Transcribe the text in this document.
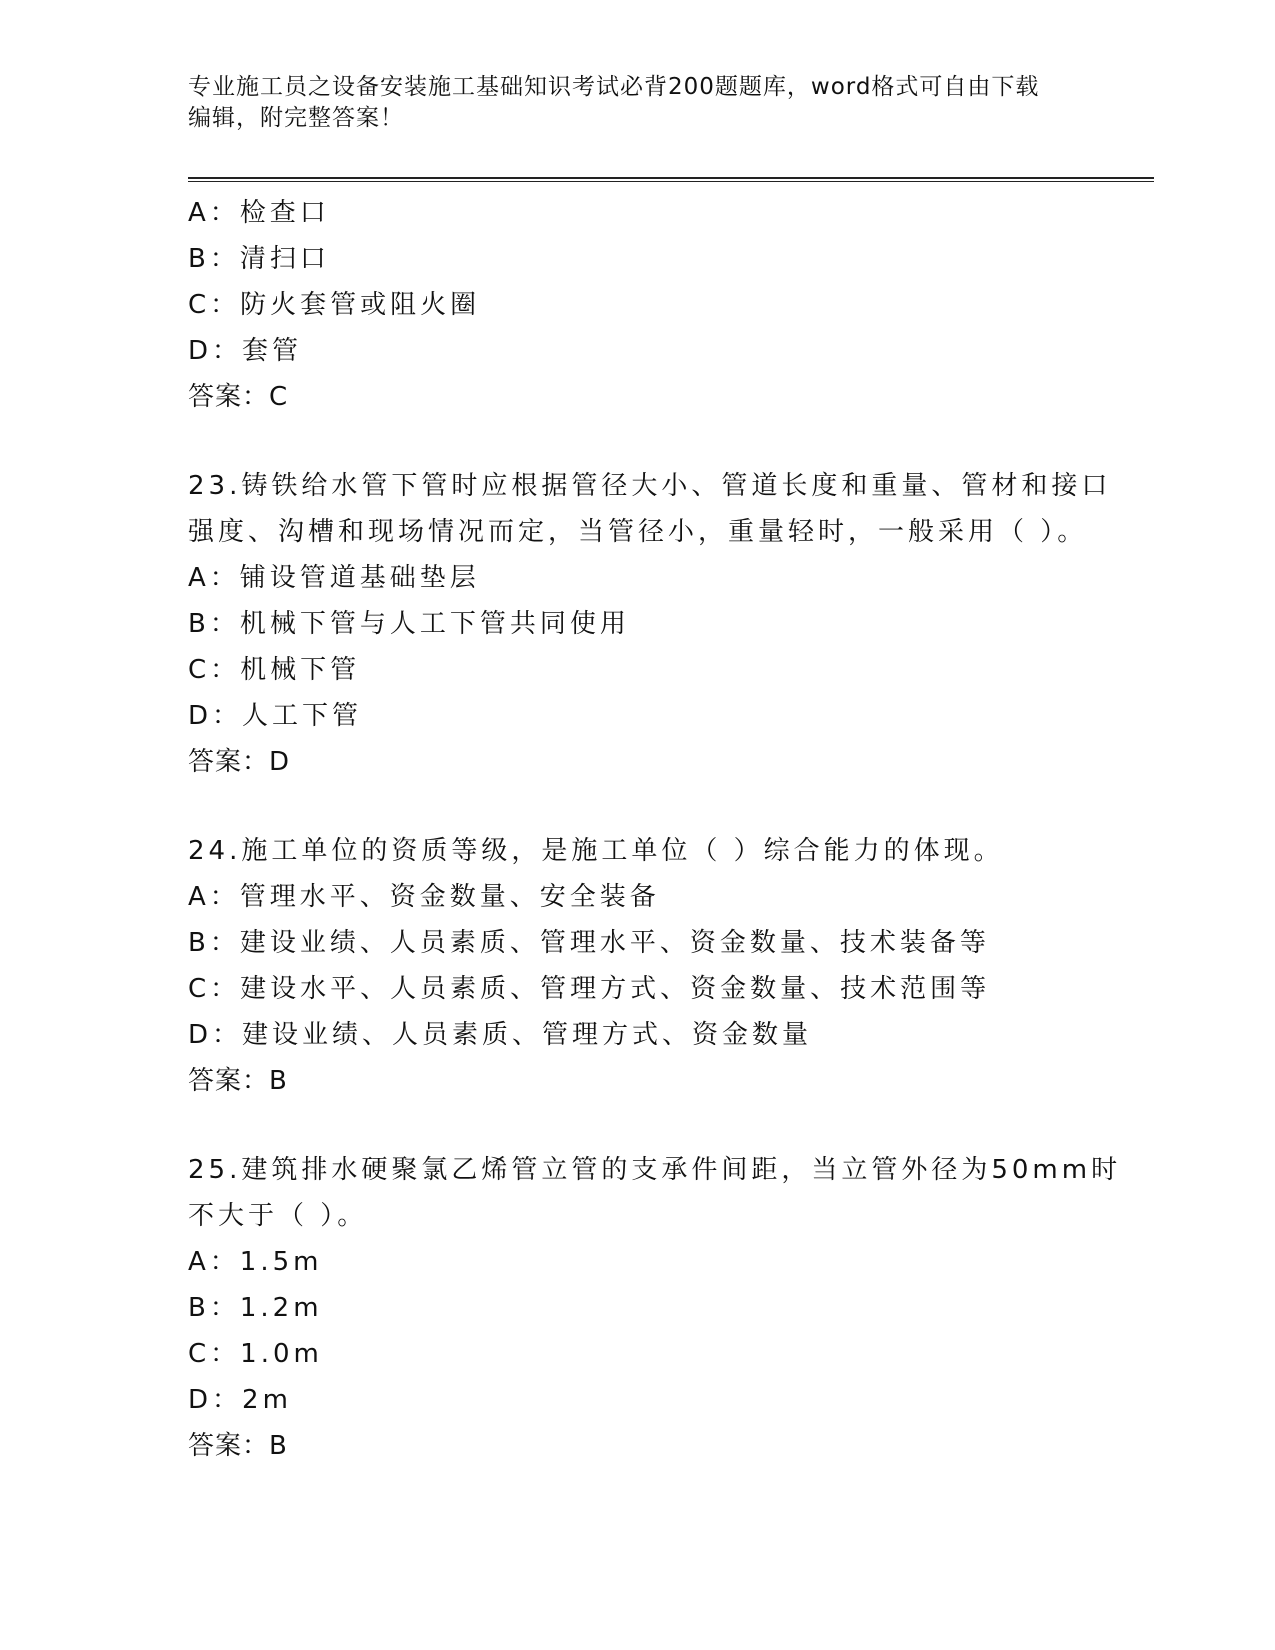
专业施工员之设备安装施工基础知识考试必背200题题库，word格式可自由下载
编辑，附完整答案！
A：检查口
B：清扫口
C：防火套管或阻火圈
D：套管
答案：C
23.铸铁给水管下管时应根据管径大小、管道长度和重量、管材和接口
强度、沟槽和现场情况而定，当管径小，重量轻时，一般采用（ ）。
A：铺设管道基础垫层
B：机械下管与人工下管共同使用
C：机械下管
D：人工下管
答案：D
24.施工单位的资质等级，是施工单位（ ）综合能力的体现。
A：管理水平、资金数量、安全装备
B：建设业绩、人员素质、管理水平、资金数量、技术装备等
C：建设水平、人员素质、管理方式、资金数量、技术范围等
D：建设业绩、人员素质、管理方式、资金数量
答案：B
25.建筑排水硬聚氯乙烯管立管的支承件间距，当立管外径为50mm时
不大于（ ）。
A：1.5m
B：1.2m
C：1.0m
D：2m
答案：B
